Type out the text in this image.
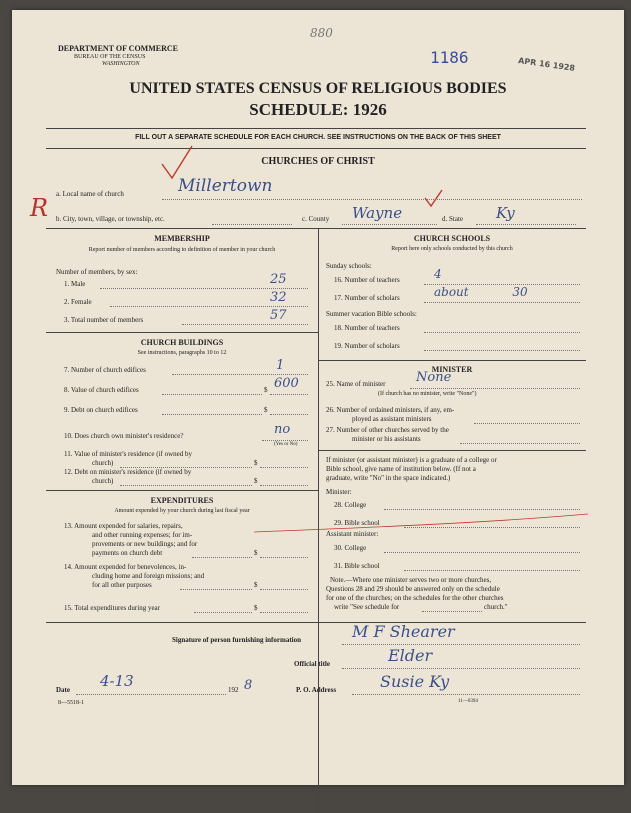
DEPARTMENT OF COMMERCE
BUREAU OF THE CENSUS
WASHINGTON
880
1186	APR 16 1928
UNITED STATES CENSUS OF RELIGIOUS BODIES
SCHEDULE: 1926
FILL OUT A SEPARATE SCHEDULE FOR EACH CHURCH. SEE INSTRUCTIONS ON THE BACK OF THIS SHEET
CHURCHES OF CHRIST
R a. Local name of church	Millertown
b. City, town, village, or township, etc.	c. County Wayne	d. State Ky
MEMBERSHIP
Report number of members according to definition of member in your church
Number of members, by sex:
1. Male	25
2. Female	32
3. Total number of members	57
CHURCH BUILDINGS
See instructions, paragraphs 10 to 12
7. Number of church edifices	1
8. Value of church edifices	$ 600
9. Debt on church edifices	$
10. Does church own minister's residence?	no
(Yes or No)
11. Value of minister's residence (if owned by
church)	$
12. Debt on minister's residence (if owned by
church)	$
EXPENDITURES
Amount expended by your church during last fiscal year
13. Amount expended for salaries, repairs,
and other running expenses; for im-
provements or new buildings; and for
payments on church debt	$
14. Amount expended for benevolences, in-
cluding home and foreign missions; and
for all other purposes	$
15. Total expenditures during year	$
CHURCH SCHOOLS
Report here only schools conducted by this church
Sunday schools:
16. Number of teachers	4
17. Number of scholars	about 30
Summer vacation Bible schools:
18. Number of teachers
19. Number of scholars
MINISTER
25. Name of minister None
(If church has no minister, write "None")
26. Number of ordained ministers, if any, em-
ployed as assistant ministers
27. Number of other churches served by the
minister or his assistants
If minister (or assistant minister) is a graduate of a college or
Bible school, give name of institution below. (If not a
graduate, write "No" in the space indicated.)
Minister:
28. College
29. Bible school
Assistant minister:
30. College
31. Bible school
Note.—Where one minister serves two or more churches,
Questions 28 and 29 should be answered only on the schedule
for one of the churches; on the schedules for the other churches
write "See schedule for	church."
Signature of person furnishing information	M F Shearer
Official title	Elder
Date 4-13	192 8	P. O. Address	Susie Ky
8—5518-1	11—0394
